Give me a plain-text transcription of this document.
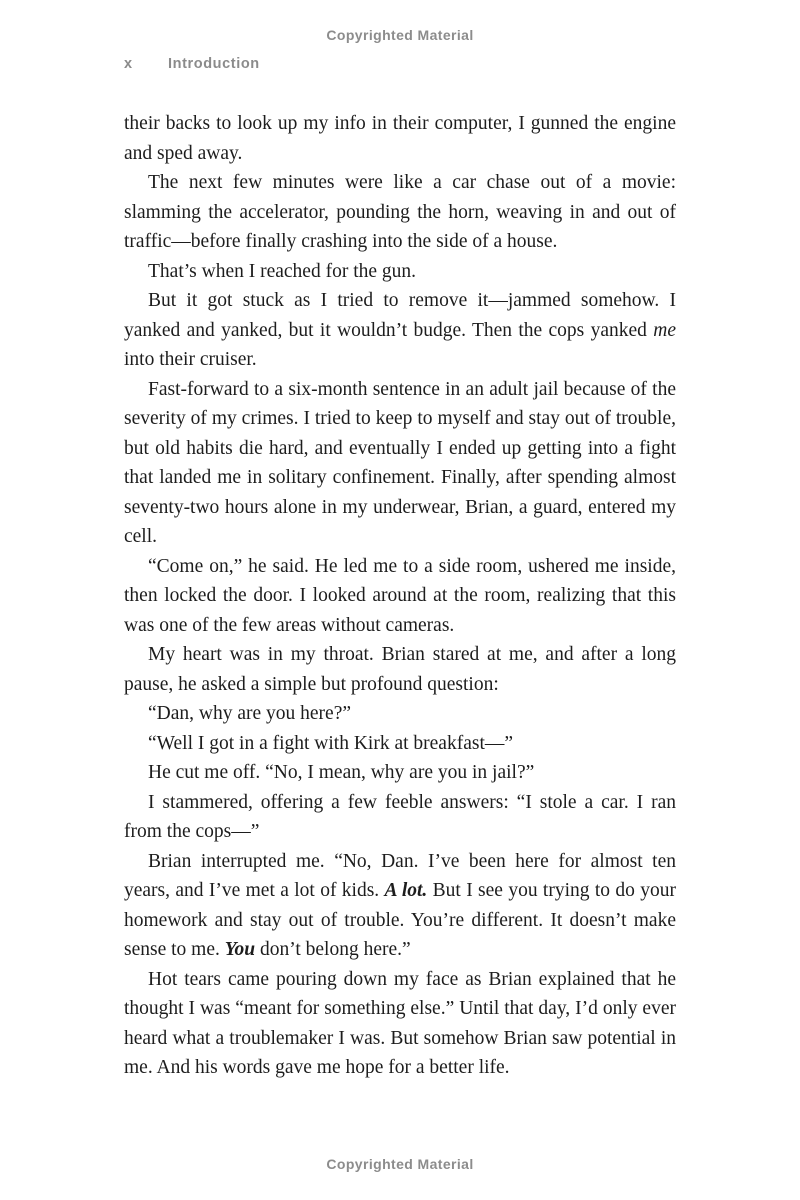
Copyrighted Material
x Introduction

their backs to look up my info in their computer, I gunned the engine and sped away.

The next few minutes were like a car chase out of a movie: slamming the accelerator, pounding the horn, weaving in and out of traffic—before finally crashing into the side of a house.

That’s when I reached for the gun.

But it got stuck as I tried to remove it—jammed somehow. I yanked and yanked, but it wouldn’t budge. Then the cops yanked me into their cruiser.

Fast-forward to a six-month sentence in an adult jail because of the severity of my crimes. I tried to keep to myself and stay out of trouble, but old habits die hard, and eventually I ended up getting into a fight that landed me in solitary confinement. Finally, after spending almost seventy-two hours alone in my underwear, Brian, a guard, entered my cell.

“Come on,” he said. He led me to a side room, ushered me inside, then locked the door. I looked around at the room, realizing that this was one of the few areas without cameras.

My heart was in my throat. Brian stared at me, and after a long pause, he asked a simple but profound question:

“Dan, why are you here?”

“Well I got in a fight with Kirk at breakfast—”

He cut me off. “No, I mean, why are you in jail?”

I stammered, offering a few feeble answers: “I stole a car. I ran from the cops—”

Brian interrupted me. “No, Dan. I’ve been here for almost ten years, and I’ve met a lot of kids. A lot. But I see you trying to do your homework and stay out of trouble. You’re different. It doesn’t make sense to me. You don’t belong here.”

Hot tears came pouring down my face as Brian explained that he thought I was “meant for something else.” Until that day, I’d only ever heard what a troublemaker I was. But somehow Brian saw potential in me. And his words gave me hope for a better life.

Copyrighted Material
